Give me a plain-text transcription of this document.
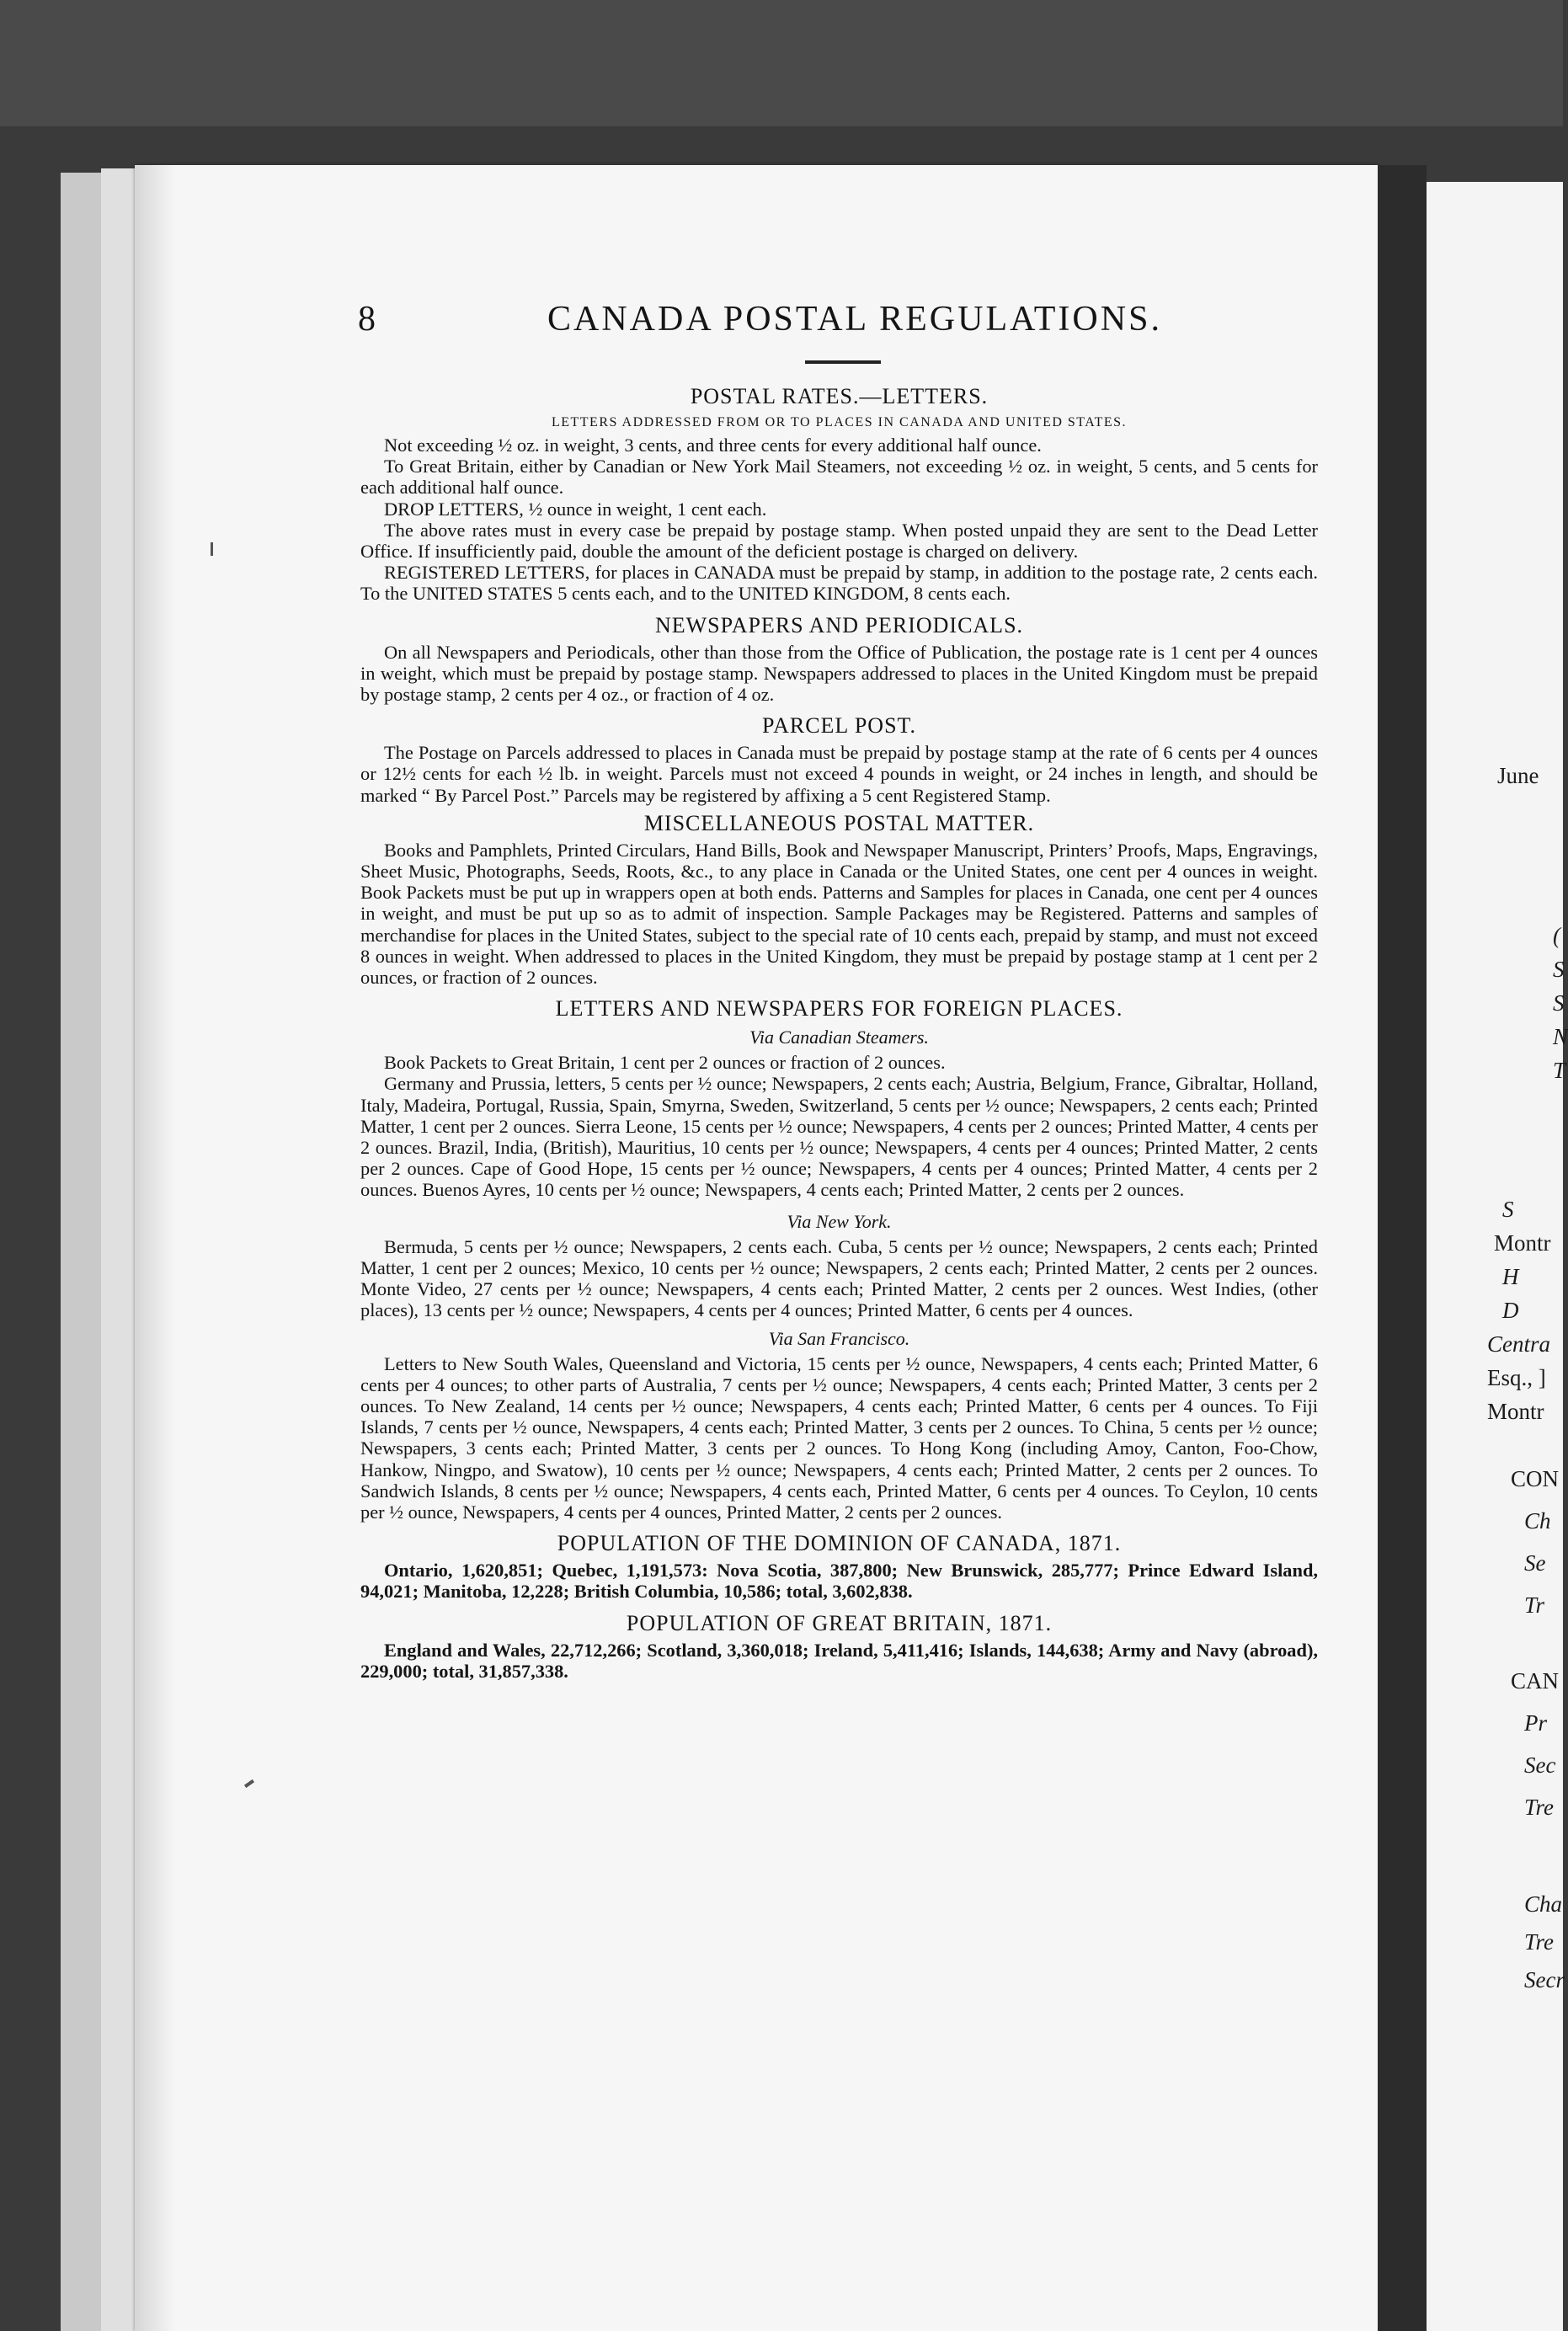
June
(
S
S
N
T
S
Montr
H
D
Centra
Esq., ]
Montr
CON
Ch
Se
Tr
CAN
Pr
Sec
Tre
Cha
Tre
Secr
8	CANADA POSTAL REGULATIONS.
POSTAL RATES.—LETTERS.
LETTERS ADDRESSED FROM OR TO PLACES IN CANADA AND UNITED STATES.

Not exceeding ½ oz. in weight, 3 cents, and three cents for every additional half ounce.

To Great Britain, either by Canadian or New York Mail Steamers, not exceeding ½ oz. in weight, 5 cents, and 5 cents for each additional half ounce.

DROP LETTERS, ½ ounce in weight, 1 cent each.

The above rates must in every case be prepaid by postage stamp. When posted unpaid they are sent to the Dead Letter Office. If insufficiently paid, double the amount of the deficient postage is charged on delivery.

REGISTERED LETTERS, for places in CANADA must be prepaid by stamp, in addition to the postage rate, 2 cents each. To the UNITED STATES 5 cents each, and to the UNITED KINGDOM, 8 cents each.

NEWSPAPERS AND PERIODICALS.

On all Newspapers and Periodicals, other than those from the Office of Publication, the postage rate is 1 cent per 4 ounces in weight, which must be prepaid by postage stamp. Newspapers addressed to places in the United Kingdom must be prepaid by postage stamp, 2 cents per 4 oz., or fraction of 4 oz.

PARCEL POST.

The Postage on Parcels addressed to places in Canada must be prepaid by postage stamp at the rate of 6 cents per 4 ounces or 12½ cents for each ½ lb. in weight. Parcels must not exceed 4 pounds in weight, or 24 inches in length, and should be marked “ By Parcel Post.” Parcels may be registered by affixing a 5 cent Registered Stamp.

MISCELLANEOUS POSTAL MATTER.

Books and Pamphlets, Printed Circulars, Hand Bills, Book and Newspaper Manuscript, Printers’ Proofs, Maps, Engravings, Sheet Music, Photographs, Seeds, Roots, &c., to any place in Canada or the United States, one cent per 4 ounces in weight. Book Packets must be put up in wrappers open at both ends. Patterns and Samples for places in Canada, one cent per 4 ounces in weight, and must be put up so as to admit of inspection. Sample Packages may be Registered. Patterns and samples of merchandise for places in the United States, subject to the special rate of 10 cents each, prepaid by stamp, and must not exceed 8 ounces in weight. When addressed to places in the United Kingdom, they must be prepaid by postage stamp at 1 cent per 2 ounces, or fraction of 2 ounces.

LETTERS AND NEWSPAPERS FOR FOREIGN PLACES.
Via Canadian Steamers.

Book Packets to Great Britain, 1 cent per 2 ounces or fraction of 2 ounces.

Germany and Prussia, letters, 5 cents per ½ ounce; Newspapers, 2 cents each; Austria, Belgium, France, Gibraltar, Holland, Italy, Madeira, Portugal, Russia, Spain, Smyrna, Sweden, Switzerland, 5 cents per ½ ounce; Newspapers, 2 cents each; Printed Matter, 1 cent per 2 ounces. Sierra Leone, 15 cents per ½ ounce; Newspapers, 4 cents per 2 ounces; Printed Matter, 4 cents per 2 ounces. Brazil, India, (British), Mauritius, 10 cents per ½ ounce; Newspapers, 4 cents per 4 ounces; Printed Matter, 2 cents per 2 ounces. Cape of Good Hope, 15 cents per ½ ounce; Newspapers, 4 cents per 4 ounces; Printed Matter, 4 cents per 2 ounces. Buenos Ayres, 10 cents per ½ ounce; Newspapers, 4 cents each; Printed Matter, 2 cents per 2 ounces.

Via New York.

Bermuda, 5 cents per ½ ounce; Newspapers, 2 cents each. Cuba, 5 cents per ½ ounce; Newspapers, 2 cents each; Printed Matter, 1 cent per 2 ounces; Mexico, 10 cents per ½ ounce; Newspapers, 2 cents each; Printed Matter, 2 cents per 2 ounces. Monte Video, 27 cents per ½ ounce; Newspapers, 4 cents each; Printed Matter, 2 cents per 2 ounces. West Indies, (other places), 13 cents per ½ ounce; Newspapers, 4 cents per 4 ounces; Printed Matter, 6 cents per 4 ounces.

Via San Francisco.

Letters to New South Wales, Queensland and Victoria, 15 cents per ½ ounce, Newspapers, 4 cents each; Printed Matter, 6 cents per 4 ounces; to other parts of Australia, 7 cents per ½ ounce; Newspapers, 4 cents each; Printed Matter, 3 cents per 2 ounces. To New Zealand, 14 cents per ½ ounce; Newspapers, 4 cents each; Printed Matter, 6 cents per 4 ounces. To Fiji Islands, 7 cents per ½ ounce, Newspapers, 4 cents each; Printed Matter, 3 cents per 2 ounces. To China, 5 cents per ½ ounce; Newspapers, 3 cents each; Printed Matter, 3 cents per 2 ounces. To Hong Kong (including Amoy, Canton, Foo-Chow, Hankow, Ningpo, and Swatow), 10 cents per ½ ounce; Newspapers, 4 cents each; Printed Matter, 2 cents per 2 ounces. To Sandwich Islands, 8 cents per ½ ounce; Newspapers, 4 cents each, Printed Matter, 6 cents per 4 ounces. To Ceylon, 10 cents per ½ ounce, Newspapers, 4 cents per 4 ounces, Printed Matter, 2 cents per 2 ounces.

POPULATION OF THE DOMINION OF CANADA, 1871.

Ontario, 1,620,851; Quebec, 1,191,573: Nova Scotia, 387,800; New Brunswick, 285,777; Prince Edward Island, 94,021; Manitoba, 12,228; British Columbia, 10,586; total, 3,602,838.

POPULATION OF GREAT BRITAIN, 1871.

England and Wales, 22,712,266; Scotland, 3,360,018; Ireland, 5,411,416; Islands, 144,638; Army and Navy (abroad), 229,000; total, 31,857,338.
